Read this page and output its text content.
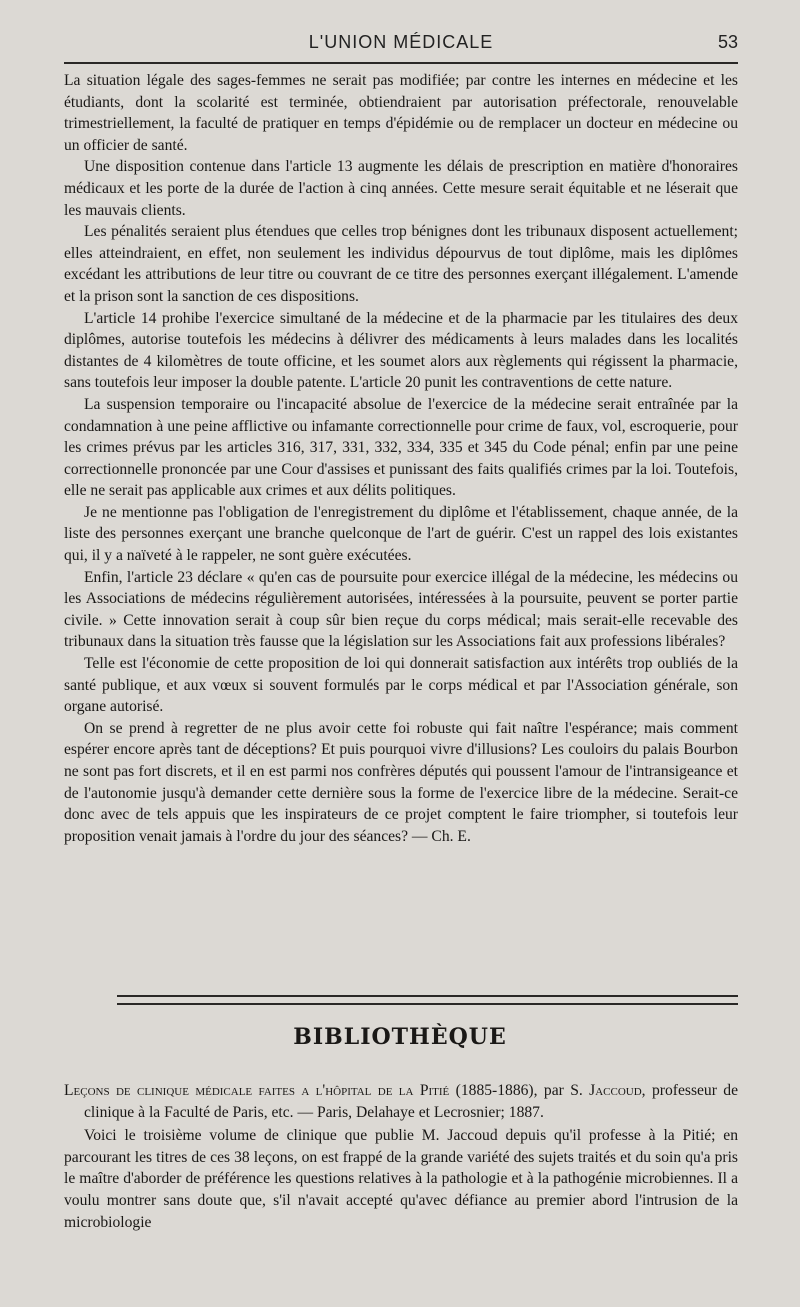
L'UNION MÉDICALE	53

La situation légale des sages-femmes ne serait pas modifiée; par contre les internes en médecine et les étudiants, dont la scolarité est terminée, obtiendraient par autorisation préfectorale, renouvelable trimestriellement, la faculté de pratiquer en temps d'épidémie ou de remplacer un docteur en médecine ou un officier de santé.

Une disposition contenue dans l'article 13 augmente les délais de prescription en matière d'honoraires médicaux et les porte de la durée de l'action à cinq années. Cette mesure serait équitable et ne léserait que les mauvais clients.

Les pénalités seraient plus étendues que celles trop bénignes dont les tribunaux disposent actuellement; elles atteindraient, en effet, non seulement les individus dépourvus de tout diplôme, mais les diplômes excédant les attributions de leur titre ou couvrant de ce titre des personnes exerçant illégalement. L'amende et la prison sont la sanction de ces dispositions.

L'article 14 prohibe l'exercice simultané de la médecine et de la pharmacie par les titulaires des deux diplômes, autorise toutefois les médecins à délivrer des médicaments à leurs malades dans les localités distantes de 4 kilomètres de toute officine, et les soumet alors aux règlements qui régissent la pharmacie, sans toutefois leur imposer la double patente. L'article 20 punit les contraventions de cette nature.

La suspension temporaire ou l'incapacité absolue de l'exercice de la médecine serait entraînée par la condamnation à une peine afflictive ou infamante correctionnelle pour crime de faux, vol, escroquerie, pour les crimes prévus par les articles 316, 317, 331, 332, 334, 335 et 345 du Code pénal; enfin par une peine correctionnelle prononcée par une Cour d'assises et punissant des faits qualifiés crimes par la loi. Toutefois, elle ne serait pas applicable aux crimes et aux délits politiques.

Je ne mentionne pas l'obligation de l'enregistrement du diplôme et l'établissement, chaque année, de la liste des personnes exerçant une branche quelconque de l'art de guérir. C'est un rappel des lois existantes qui, il y a naïveté à le rappeler, ne sont guère exécutées.

Enfin, l'article 23 déclare « qu'en cas de poursuite pour exercice illégal de la médecine, les médecins ou les Associations de médecins régulièrement autorisées, intéressées à la poursuite, peuvent se porter partie civile. » Cette innovation serait à coup sûr bien reçue du corps médical; mais serait-elle recevable des tribunaux dans la situation très fausse que la législation sur les Associations fait aux professions libérales?

Telle est l'économie de cette proposition de loi qui donnerait satisfaction aux intérêts trop oubliés de la santé publique, et aux vœux si souvent formulés par le corps médical et par l'Association générale, son organe autorisé.

On se prend à regretter de ne plus avoir cette foi robuste qui fait naître l'espérance; mais comment espérer encore après tant de déceptions? Et puis pourquoi vivre d'illusions? Les couloirs du palais Bourbon ne sont pas fort discrets, et il en est parmi nos confrères députés qui poussent l'amour de l'intransigeance et de l'autonomie jusqu'à demander cette dernière sous la forme de l'exercice libre de la médecine. Serait-ce donc avec de tels appuis que les inspirateurs de ce projet comptent le faire triompher, si toutefois leur proposition venait jamais à l'ordre du jour des séances? — Ch. E.

BIBLIOTHÈQUE

Leçons de clinique médicale faites a l'hôpital de la Pitié (1885-1886), par S. Jaccoud, professeur de clinique à la Faculté de Paris, etc. — Paris, Delahaye et Lecrosnier; 1887.

Voici le troisième volume de clinique que publie M. Jaccoud depuis qu'il professe à la Pitié; en parcourant les titres de ces 38 leçons, on est frappé de la grande variété des sujets traités et du soin qu'a pris le maître d'aborder de préférence les questions relatives à la pathologie et à la pathogénie microbiennes. Il a voulu montrer sans doute que, s'il n'avait accepté qu'avec défiance au premier abord l'intrusion de la microbiologie
